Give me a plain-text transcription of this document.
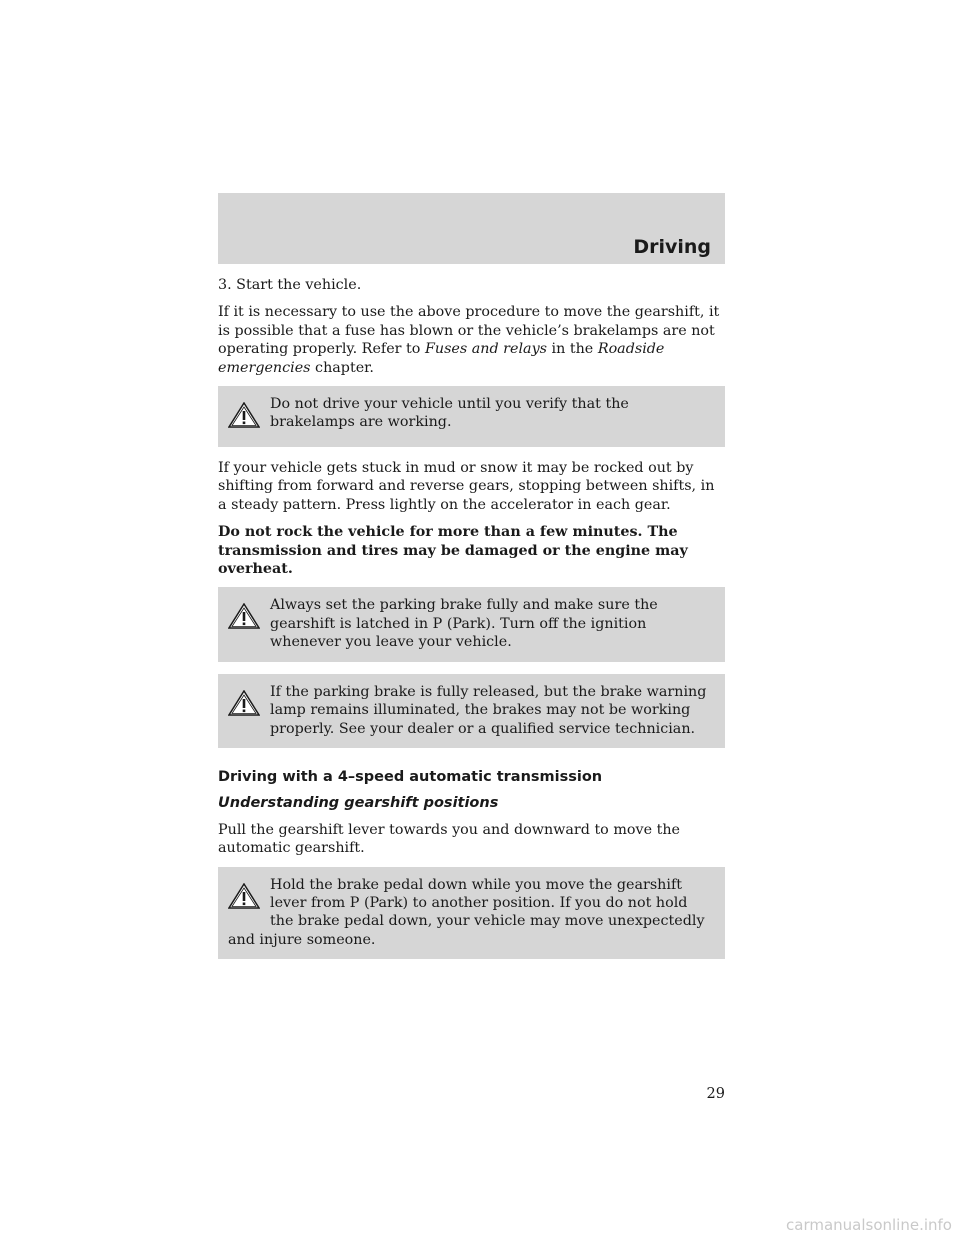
Driving

3. Start the vehicle.

If it is necessary to use the above procedure to move the gearshift, it is possible that a fuse has blown or the vehicle’s brakelamps are not operating properly. Refer to Fuses and relays in the Roadside emergencies chapter.

Do not drive your vehicle until you verify that the brakelamps are working.

If your vehicle gets stuck in mud or snow it may be rocked out by shifting from forward and reverse gears, stopping between shifts, in a steady pattern. Press lightly on the accelerator in each gear.

Do not rock the vehicle for more than a few minutes. The transmission and tires may be damaged or the engine may overheat.

Always set the parking brake fully and make sure the gearshift is latched in P (Park). Turn off the ignition whenever you leave your vehicle.
If the parking brake is fully released, but the brake warning lamp remains illuminated, the brakes may not be working properly. See your dealer or a qualified service technician.
Driving with a 4–speed automatic transmission
Understanding gearshift positions

Pull the gearshift lever towards you and downward to move the automatic gearshift.

Hold the brake pedal down while you move the gearshift lever from P (Park) to another position. If you do not hold the brake pedal down, your vehicle may move unexpectedly and injure someone.
29
carmanualsonline.info
